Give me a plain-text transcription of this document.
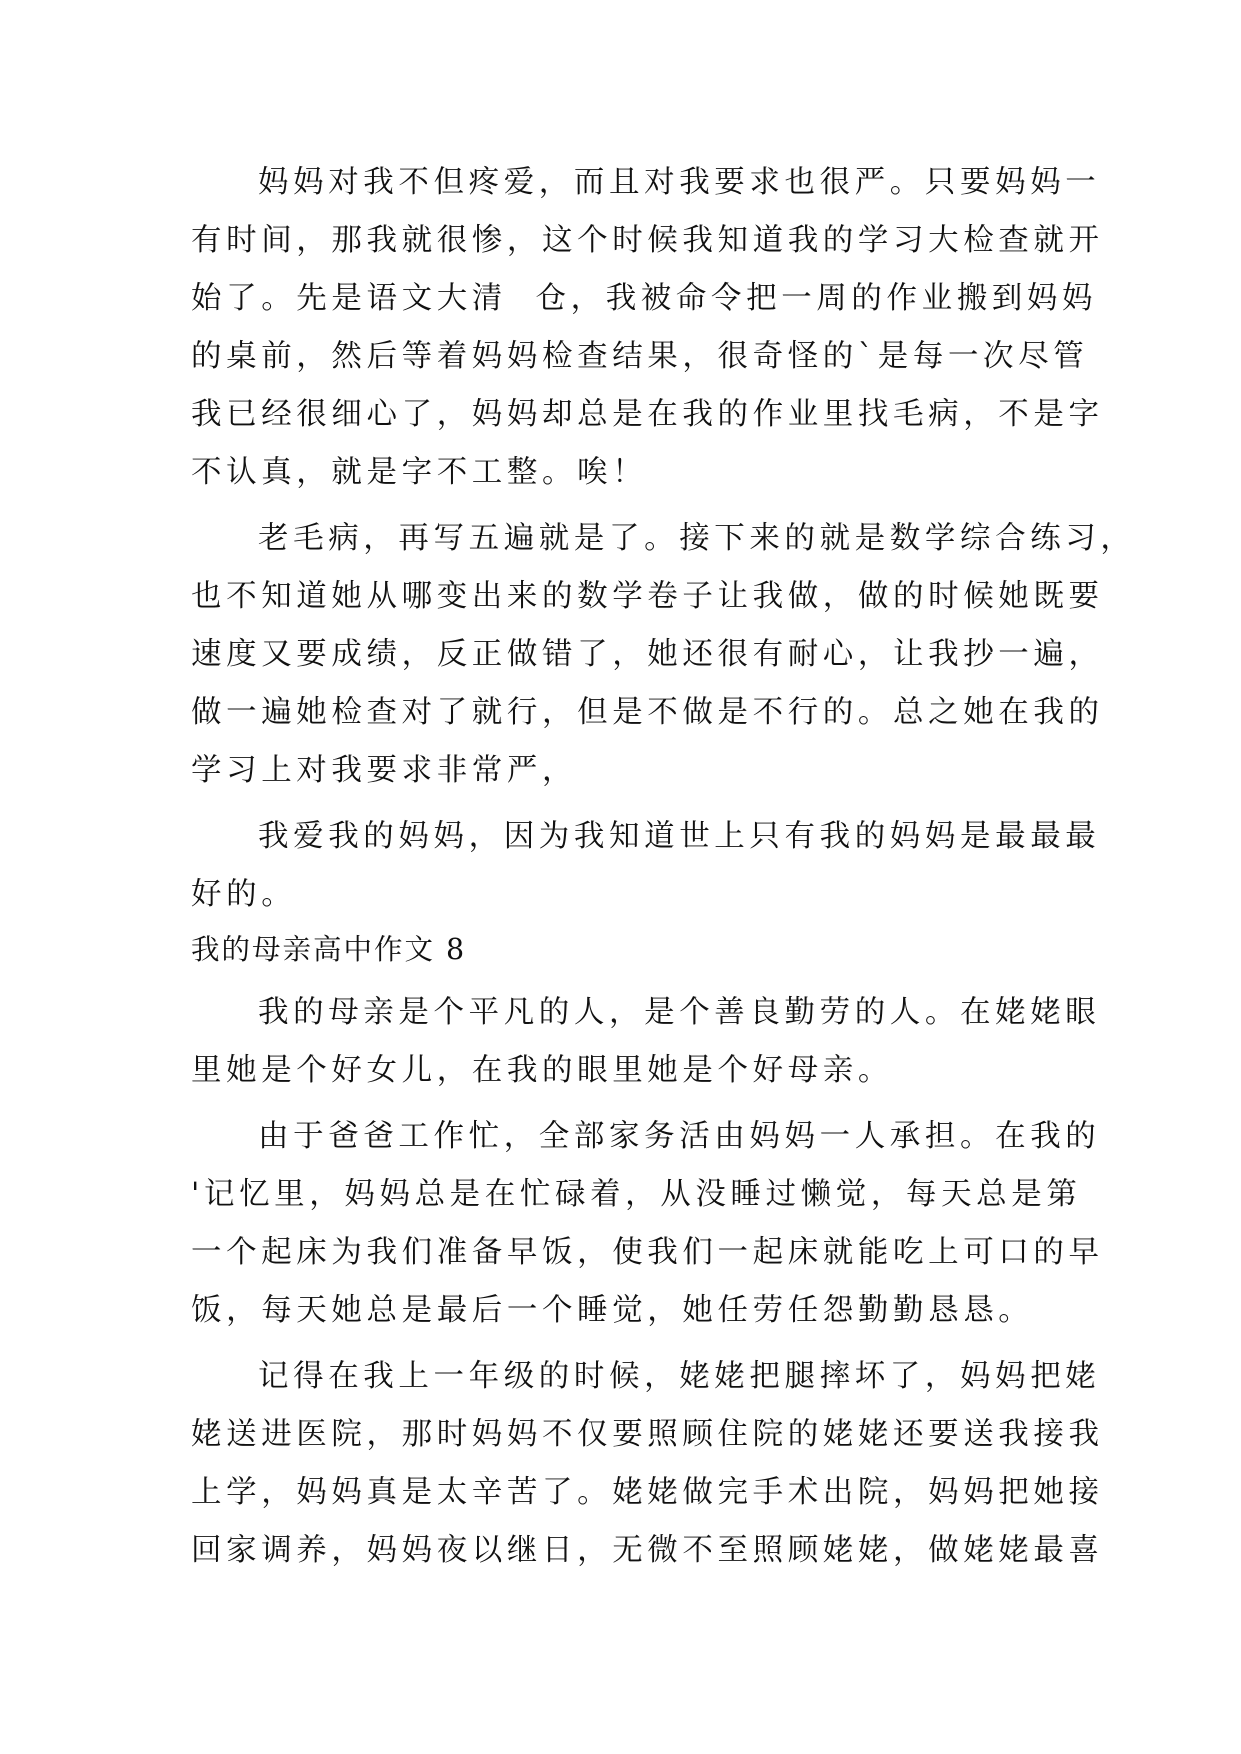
妈妈对我不但疼爱，而且对我要求也很严。只要妈妈一
有时间，那我就很惨，这个时候我知道我的学习大检查就开
始了。先是语文大清  仓，我被命令把一周的作业搬到妈妈
的桌前，然后等着妈妈检查结果，很奇怪的`是每一次尽管
我已经很细心了，妈妈却总是在我的作业里找毛病，不是字
不认真，就是字不工整。唉！
老毛病，再写五遍就是了。接下来的就是数学综合练习，
也不知道她从哪变出来的数学卷子让我做，做的时候她既要
速度又要成绩，反正做错了，她还很有耐心，让我抄一遍，
做一遍她检查对了就行，但是不做是不行的。总之她在我的
学习上对我要求非常严，
我爱我的妈妈，因为我知道世上只有我的妈妈是最最最
好的。
我的母亲高中作文 8
我的母亲是个平凡的人，是个善良勤劳的人。在姥姥眼
里她是个好女儿，在我的眼里她是个好母亲。
由于爸爸工作忙，全部家务活由妈妈一人承担。在我的
'记忆里，妈妈总是在忙碌着，从没睡过懒觉，每天总是第
一个起床为我们准备早饭，使我们一起床就能吃上可口的早
饭，每天她总是最后一个睡觉，她任劳任怨勤勤恳恳。
记得在我上一年级的时候，姥姥把腿摔坏了，妈妈把姥
姥送进医院，那时妈妈不仅要照顾住院的姥姥还要送我接我
上学，妈妈真是太辛苦了。姥姥做完手术出院，妈妈把她接
回家调养，妈妈夜以继日，无微不至照顾姥姥，做姥姥最喜
